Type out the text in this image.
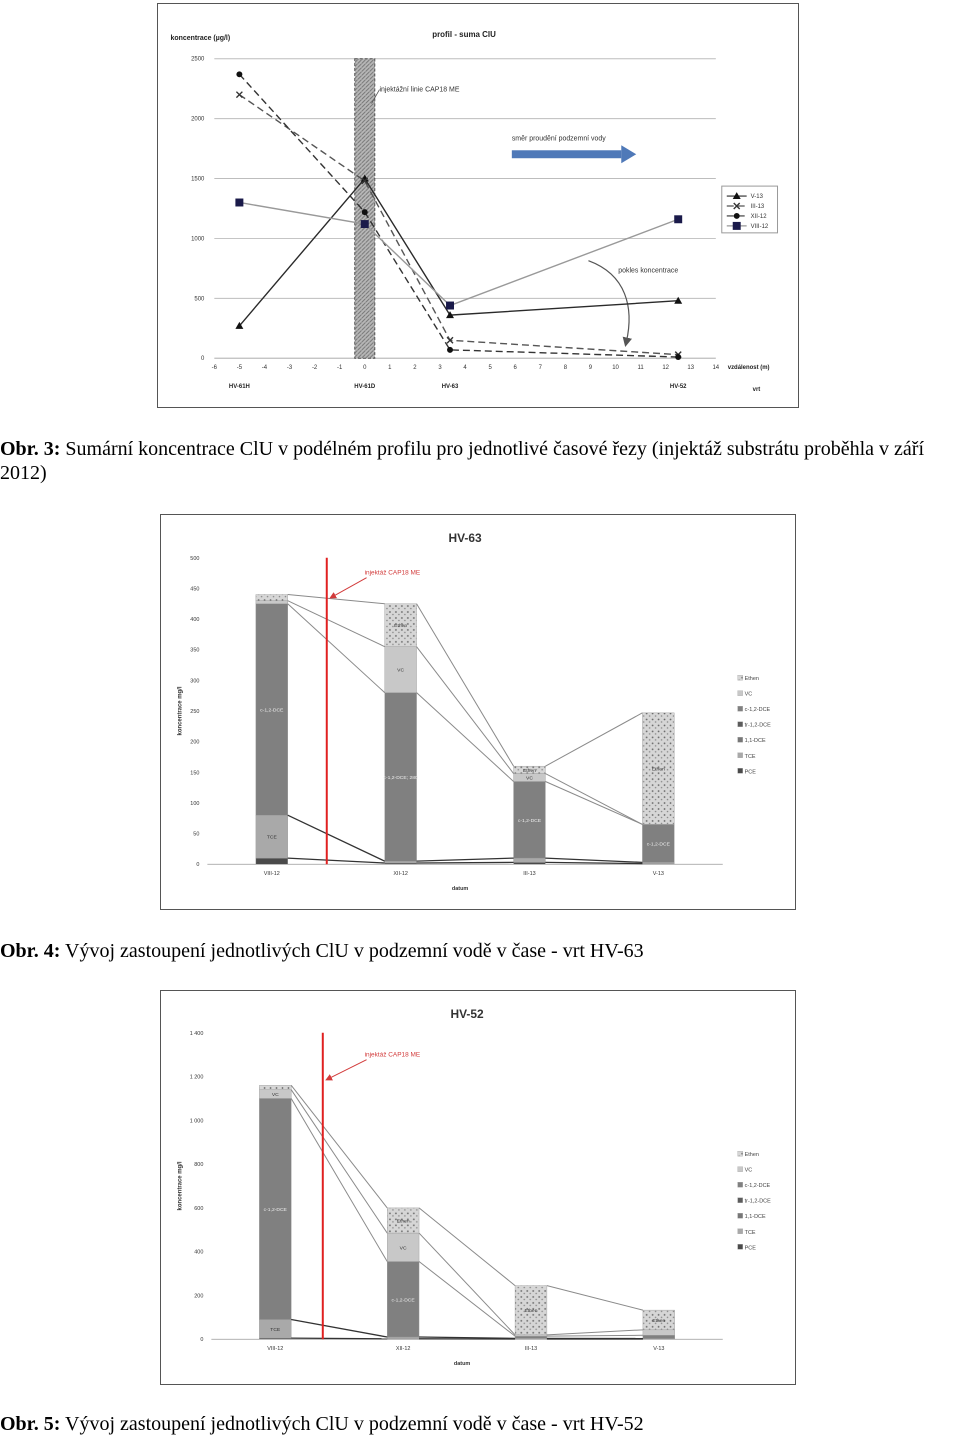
koncentrace (µg/l)	profil - suma ClU
2500
2000
1500
1000
500
0
-6	-5	-4	-3	-2	-1	0	1	2	3	4	5	6	7	8	9	10	11	12	13	14 vzdálenost (m)
vrt
HV-61H	HV-61D	HV-63	HV-52
injektážní linie CAP18 ME
směr proudění podzemní vody
pokles koncentrace
V-13
III-13
XII-12
VIII-12
Obr. 3: Sumární koncentrace ClU v podélném profilu pro jednotlivé časové řezy (injektáž substrátu proběhla v září 2012)
HV-63
0
50
100
150
200
250
300
350
400
450
500
koncentrace mg/l
datum
TCE
c-1,2-DCE
VIII-12
c-1,2-DCE; 280
VC
Ethen
XII-12
c-1,2-DCE
VC
Ethen
III-13
c-1,2-DCE
Ethen
V-13
injektáž CAP18 ME
Ethen
VC
c-1,2-DCE
tr-1,2-DCE
1,1-DCE
TCE
PCE
Obr. 4: Vývoj zastoupení jednotlivých ClU v podzemní vodě v čase - vrt HV-63
HV-52
0
200
400
600
800
1 000
1 200
1 400
koncentrace mg/l
datum
TCE
c-1,2-DCE
VC
VIII-12
c-1,2-DCE
VC
Ethen
XII-12
Ethen
III-13
Ethen
V-13
injektáž CAP18 ME
Ethen
VC
c-1,2-DCE
tr-1,2-DCE
1,1-DCE
TCE
PCE
Obr. 5: Vývoj zastoupení jednotlivých ClU v podzemní vodě v čase - vrt HV-52
